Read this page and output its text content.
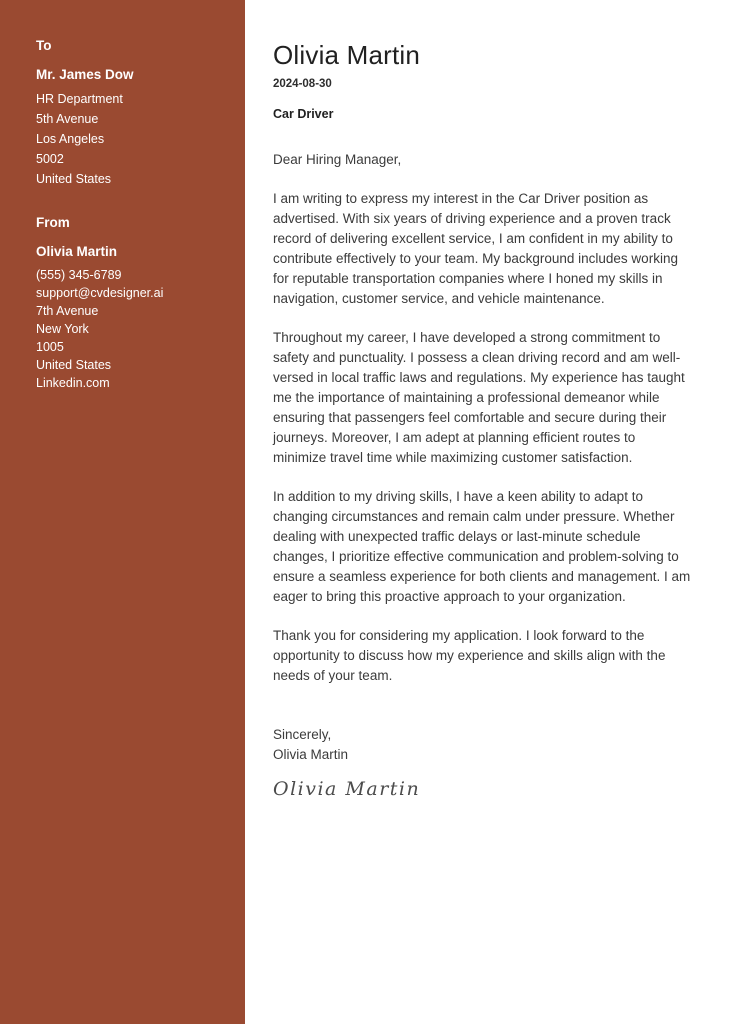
To
Mr. James Dow
HR Department
5th Avenue
Los Angeles
5002
United States
From
Olivia Martin
(555) 345-6789
support@cvdesigner.ai
7th Avenue
New York
1005
United States
Linkedin.com
Olivia Martin
2024-08-30
Car Driver
Dear Hiring Manager,

I am writing to express my interest in the Car Driver position as advertised. With six years of driving experience and a proven track record of delivering excellent service, I am confident in my ability to contribute effectively to your team. My background includes working for reputable transportation companies where I honed my skills in navigation, customer service, and vehicle maintenance.

Throughout my career, I have developed a strong commitment to safety and punctuality. I possess a clean driving record and am well-versed in local traffic laws and regulations. My experience has taught me the importance of maintaining a professional demeanor while ensuring that passengers feel comfortable and secure during their journeys. Moreover, I am adept at planning efficient routes to minimize travel time while maximizing customer satisfaction.

In addition to my driving skills, I have a keen ability to adapt to changing circumstances and remain calm under pressure. Whether dealing with unexpected traffic delays or last-minute schedule changes, I prioritize effective communication and problem-solving to ensure a seamless experience for both clients and management. I am eager to bring this proactive approach to your organization.

Thank you for considering my application. I look forward to the opportunity to discuss how my experience and skills align with the needs of your team.

Sincerely,
Olivia Martin
Olivia Martin
